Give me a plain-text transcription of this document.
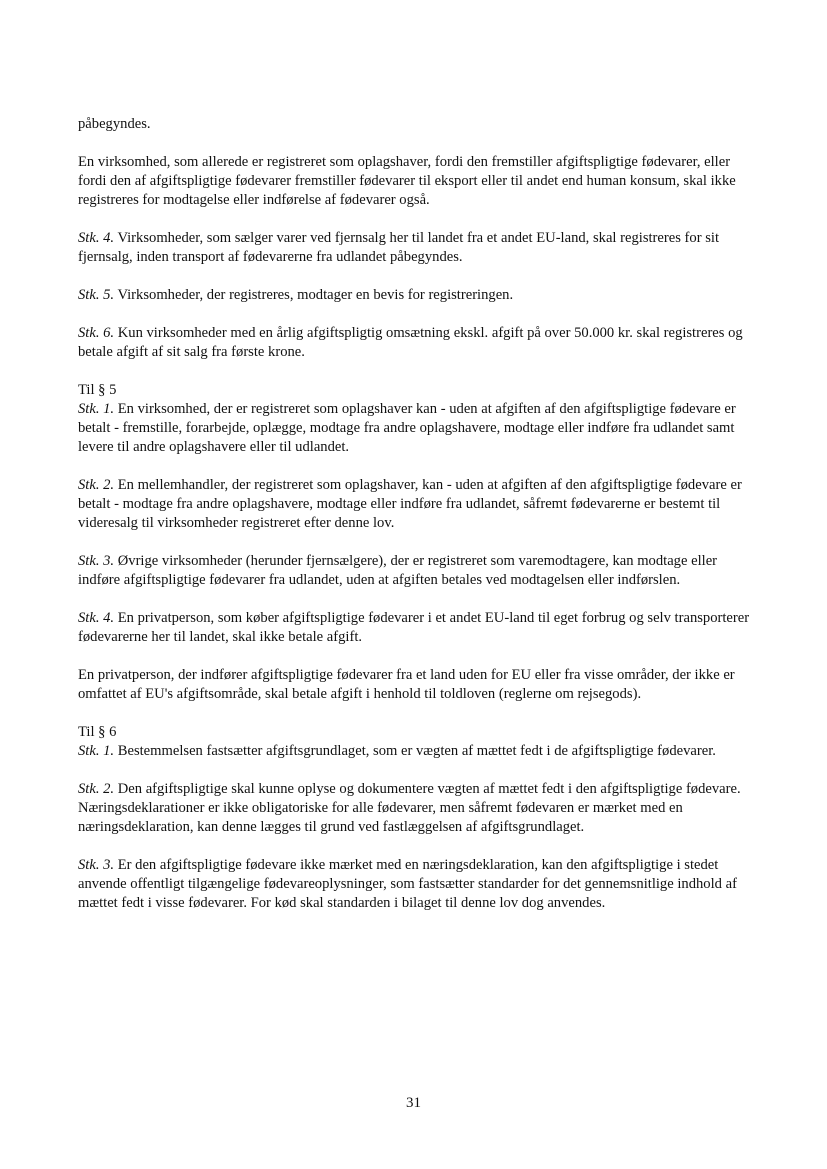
påbegyndes.

En virksomhed, som allerede er registreret som oplagshaver, fordi den fremstiller afgiftspligtige fødevarer, eller fordi den af afgiftspligtige fødevarer fremstiller fødevarer til eksport eller til andet end human konsum, skal ikke registreres for modtagelse eller indførelse af fødevarer også.

Stk. 4. Virksomheder, som sælger varer ved fjernsalg her til landet fra et andet EU-land, skal registreres for sit fjernsalg, inden transport af fødevarerne fra udlandet påbegyndes.

Stk. 5. Virksomheder, der registreres, modtager en bevis for registreringen.

Stk. 6. Kun virksomheder med en årlig afgiftspligtig omsætning ekskl. afgift på over 50.000 kr. skal registreres og betale afgift af sit salg fra første krone.

Til § 5

Stk. 1. En virksomhed, der er registreret som oplagshaver kan - uden at afgiften af den afgiftspligtige fødevare er betalt - fremstille, forarbejde, oplægge, modtage fra andre oplagshavere, modtage eller indføre fra udlandet samt levere til andre oplagshavere eller til udlandet.

Stk. 2. En mellemhandler, der registreret som oplagshaver, kan - uden at afgiften af den afgiftspligtige fødevare er betalt - modtage fra andre oplagshavere, modtage eller indføre fra udlandet, såfremt fødevarerne er bestemt til videresalg til virksomheder registreret efter denne lov.

Stk. 3. Øvrige virksomheder (herunder fjernsælgere), der er registreret som varemodtagere, kan modtage eller indføre afgiftspligtige fødevarer fra udlandet, uden at afgiften betales ved modtagelsen eller indførslen.

Stk. 4. En privatperson, som køber afgiftspligtige fødevarer i et andet EU-land til eget forbrug og selv transporterer fødevarerne her til landet, skal ikke betale afgift.

En privatperson, der indfører afgiftspligtige fødevarer fra et land uden for EU eller fra visse områder, der ikke er omfattet af EU's afgiftsområde, skal betale afgift i henhold til toldloven (reglerne om rejsegods).

Til § 6

Stk. 1. Bestemmelsen fastsætter afgiftsgrundlaget, som er vægten af mættet fedt i de afgiftspligtige fødevarer.

Stk. 2. Den afgiftspligtige skal kunne oplyse og dokumentere vægten af mættet fedt i den afgiftspligtige fødevare. Næringsdeklarationer er ikke obligatoriske for alle fødevarer, men såfremt fødevaren er mærket med en næringsdeklaration, kan denne lægges til grund ved fastlæggelsen af afgiftsgrundlaget.

Stk. 3. Er den afgiftspligtige fødevare ikke mærket med en næringsdeklaration, kan den afgiftspligtige i stedet anvende offentligt tilgængelige fødevareoplysninger, som fastsætter standarder for det gennemsnitlige indhold af mættet fedt i visse fødevarer. For kød skal standarden i bilaget til denne lov dog anvendes.

31
